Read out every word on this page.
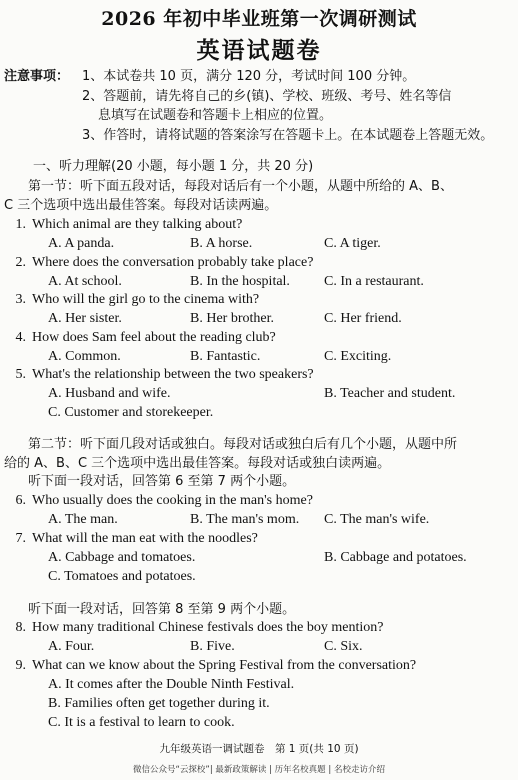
2026 年初中毕业班第一次调研测试
英语试题卷
注意事项： 1、本试卷共 10 页，满分 120 分，考试时间 100 分钟。
2、答题前，请先将自己的乡(镇)、学校、班级、考号、姓名等信
息填写在试题卷和答题卡上相应的位置。
3、作答时，请将试题的答案涂写在答题卡上。在本试题卷上答题无效。
一、听力理解(20 小题，每小题 1 分，共 20 分)
第一节：听下面五段对话，每段对话后有一个小题，从题中所给的 A、B、
C 三个选项中选出最佳答案。每段对话读两遍。
1. Which animal are they talking about?
A. A panda.	B. A horse.	C. A tiger.
2. Where does the conversation probably take place?
A. At school.	B. In the hospital. C. In a restaurant.
3. Who will the girl go to the cinema with?
A. Her sister.	B. Her brother.	C. Her friend.
4. How does Sam feel about the reading club?
A. Common.	B. Fantastic.	C. Exciting.
5. What's the relationship between the two speakers?
A. Husband and wife.	B. Teacher and student.
C. Customer and storekeeper.
第二节：听下面几段对话或独白。每段对话或独白后有几个小题，从题中所
给的 A、B、C 三个选项中选出最佳答案。每段对话或独白读两遍。
听下面一段对话，回答第 6 至第 7 两个小题。
6. Who usually does the cooking in the man's home?
A. The man.	B. The man's mom. C. The man's wife.
7. What will the man eat with the noodles?
A. Cabbage and tomatoes.	B. Cabbage and potatoes.
C. Tomatoes and potatoes.
听下面一段对话，回答第 8 至第 9 两个小题。
8. How many traditional Chinese festivals does the boy mention?
A. Four.	B. Five.	C. Six.
9. What can we know about the Spring Festival from the conversation?
A. It comes after the Double Ninth Festival.
B. Families often get together during it.
C. It is a festival to learn to cook.
九年级英语一调试题卷　第 1 页(共 10 页)
微信公众号“云探校”| 最新政策解读 | 历年名校真题 | 名校走访介绍
